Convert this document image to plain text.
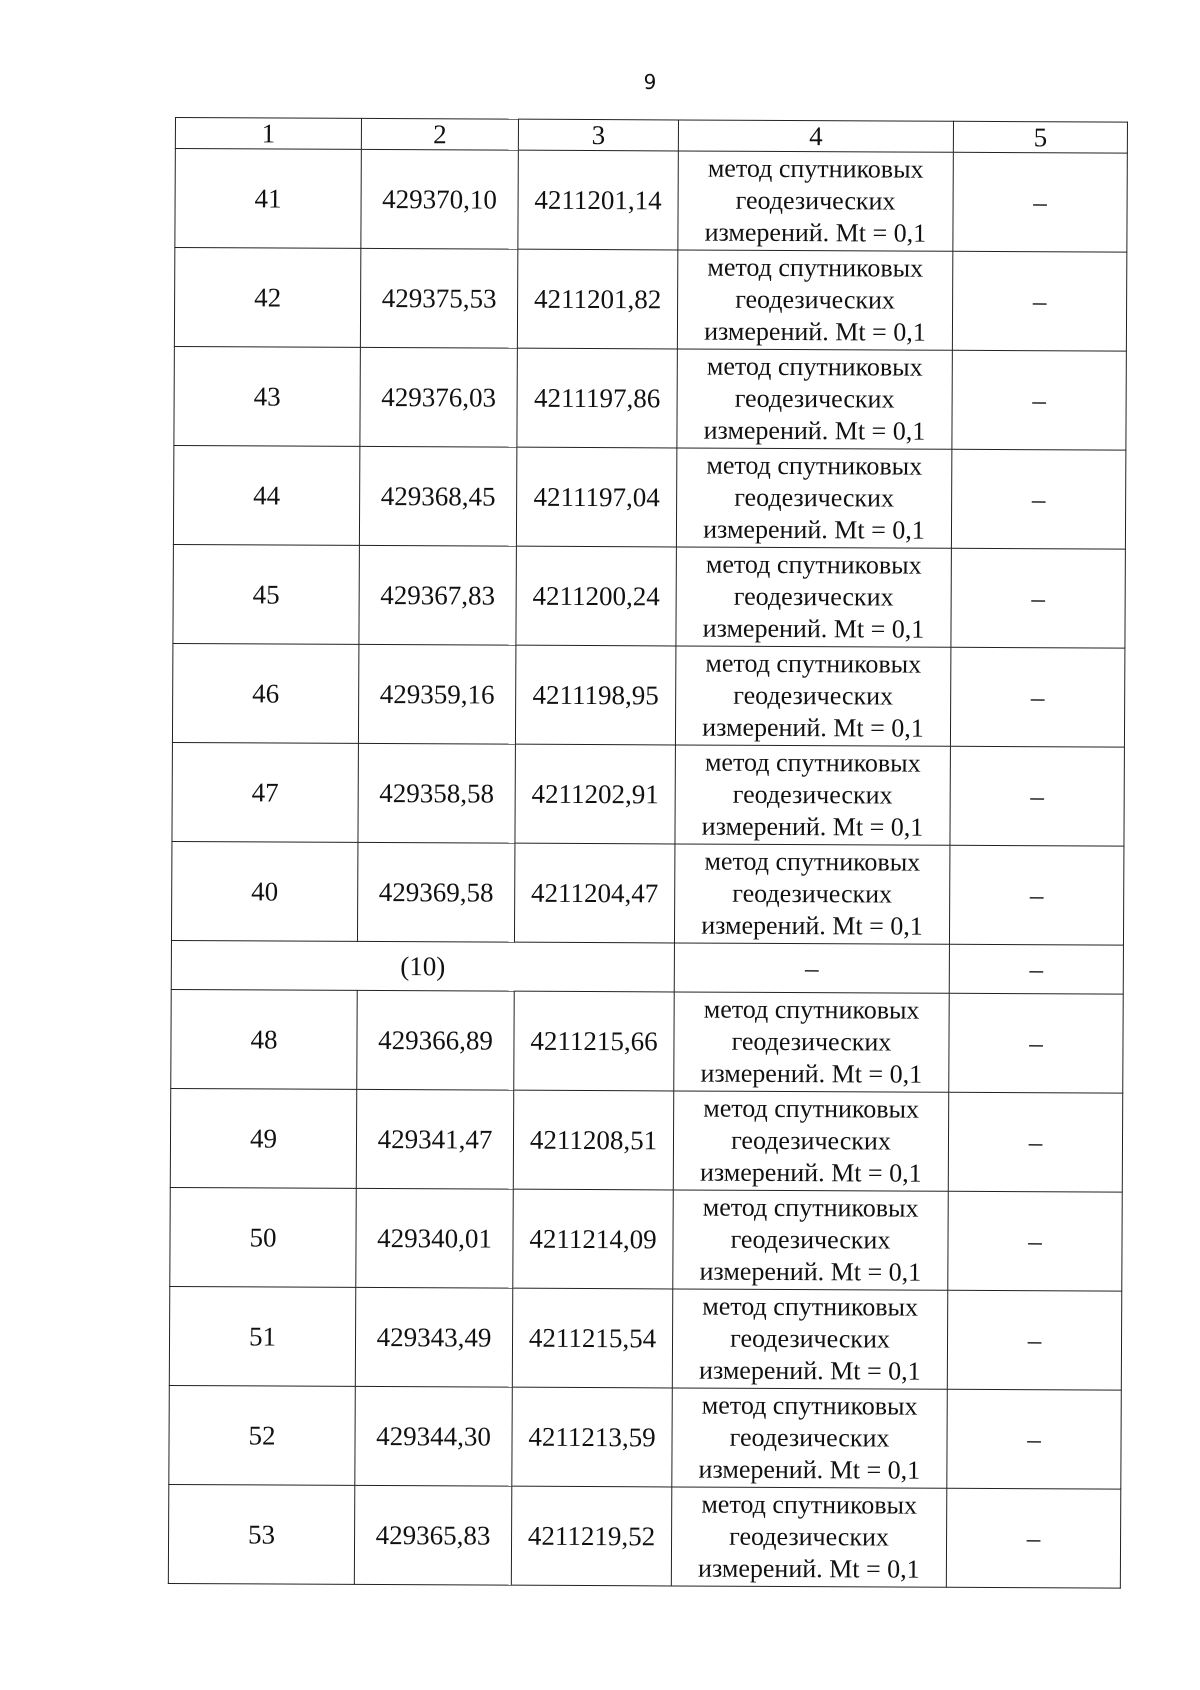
9
1	2	3	4	5
41	429370,10	4211201,14	метод спутниковых
геодезических
измерений. Mt = 0,1	–
42	429375,53	4211201,82	метод спутниковых
геодезических
измерений. Mt = 0,1	–
43	429376,03	4211197,86	метод спутниковых
геодезических
измерений. Mt = 0,1	–
44	429368,45	4211197,04	метод спутниковых
геодезических
измерений. Mt = 0,1	–
45	429367,83	4211200,24	метод спутниковых
геодезических
измерений. Mt = 0,1	–
46	429359,16	4211198,95	метод спутниковых
геодезических
измерений. Mt = 0,1	–
47	429358,58	4211202,91	метод спутниковых
геодезических
измерений. Mt = 0,1	–
40	429369,58	4211204,47	метод спутниковых
геодезических
измерений. Mt = 0,1	–
(10)			–	–
48	429366,89	4211215,66	метод спутниковых
геодезических
измерений. Mt = 0,1	–
49	429341,47	4211208,51	метод спутниковых
геодезических
измерений. Mt = 0,1	–
50	429340,01	4211214,09	метод спутниковых
геодезических
измерений. Mt = 0,1	–
51	429343,49	4211215,54	метод спутниковых
геодезических
измерений. Mt = 0,1	–
52	429344,30	4211213,59	метод спутниковых
геодезических
измерений. Mt = 0,1	–
53	429365,83	4211219,52	метод спутниковых
геодезических
измерений. Mt = 0,1	–
